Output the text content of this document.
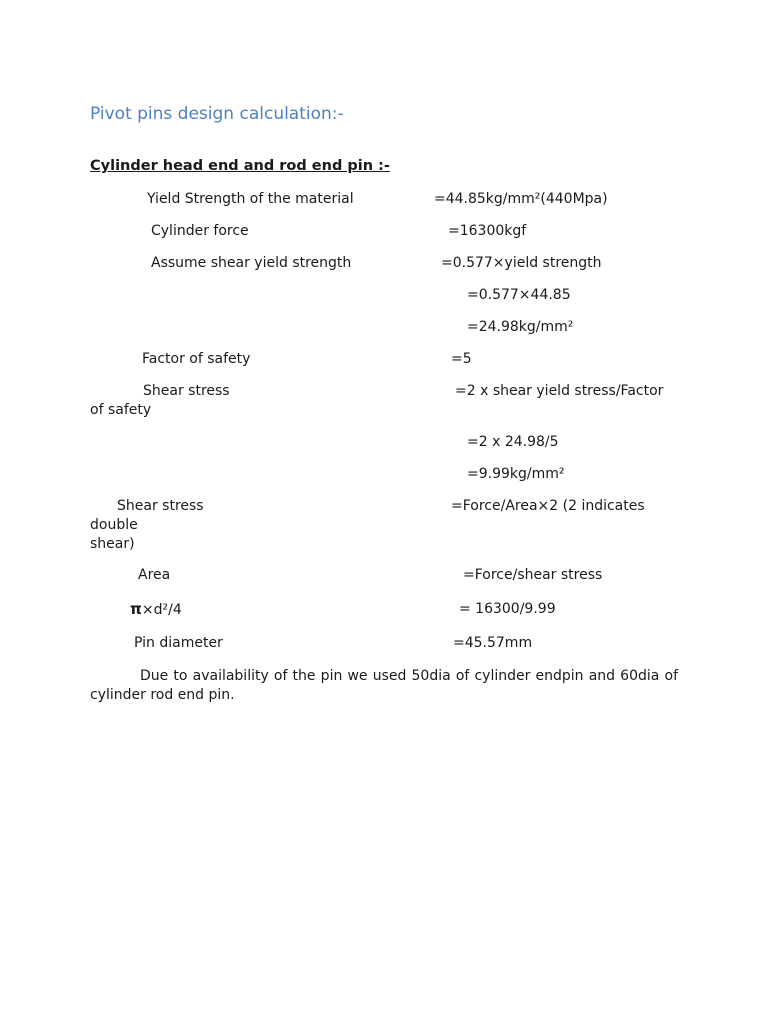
Pivot pins design calculation:-
Cylinder head end and rod end pin :-
Yield Strength of the material	=44.85kg/mm²(440Mpa)
Cylinder force	=16300kgf
Assume shear yield strength	=0.577×yield strength
=0.577×44.85
=24.98kg/mm²
Factor of safety	=5
Shear stress	=2 x shear yield stress/Factor
of safety
=2 x 24.98/5
=9.99kg/mm²
Shear stress	=Force/Area×2 (2 indicates
double
shear)
Area	=Force/shear stress
π×d²/4	= 16300/9.99
Pin diameter	=45.57mm
Due to availability of the pin we used 50dia of cylinder endpin and 60dia of cylinder rod end pin.
